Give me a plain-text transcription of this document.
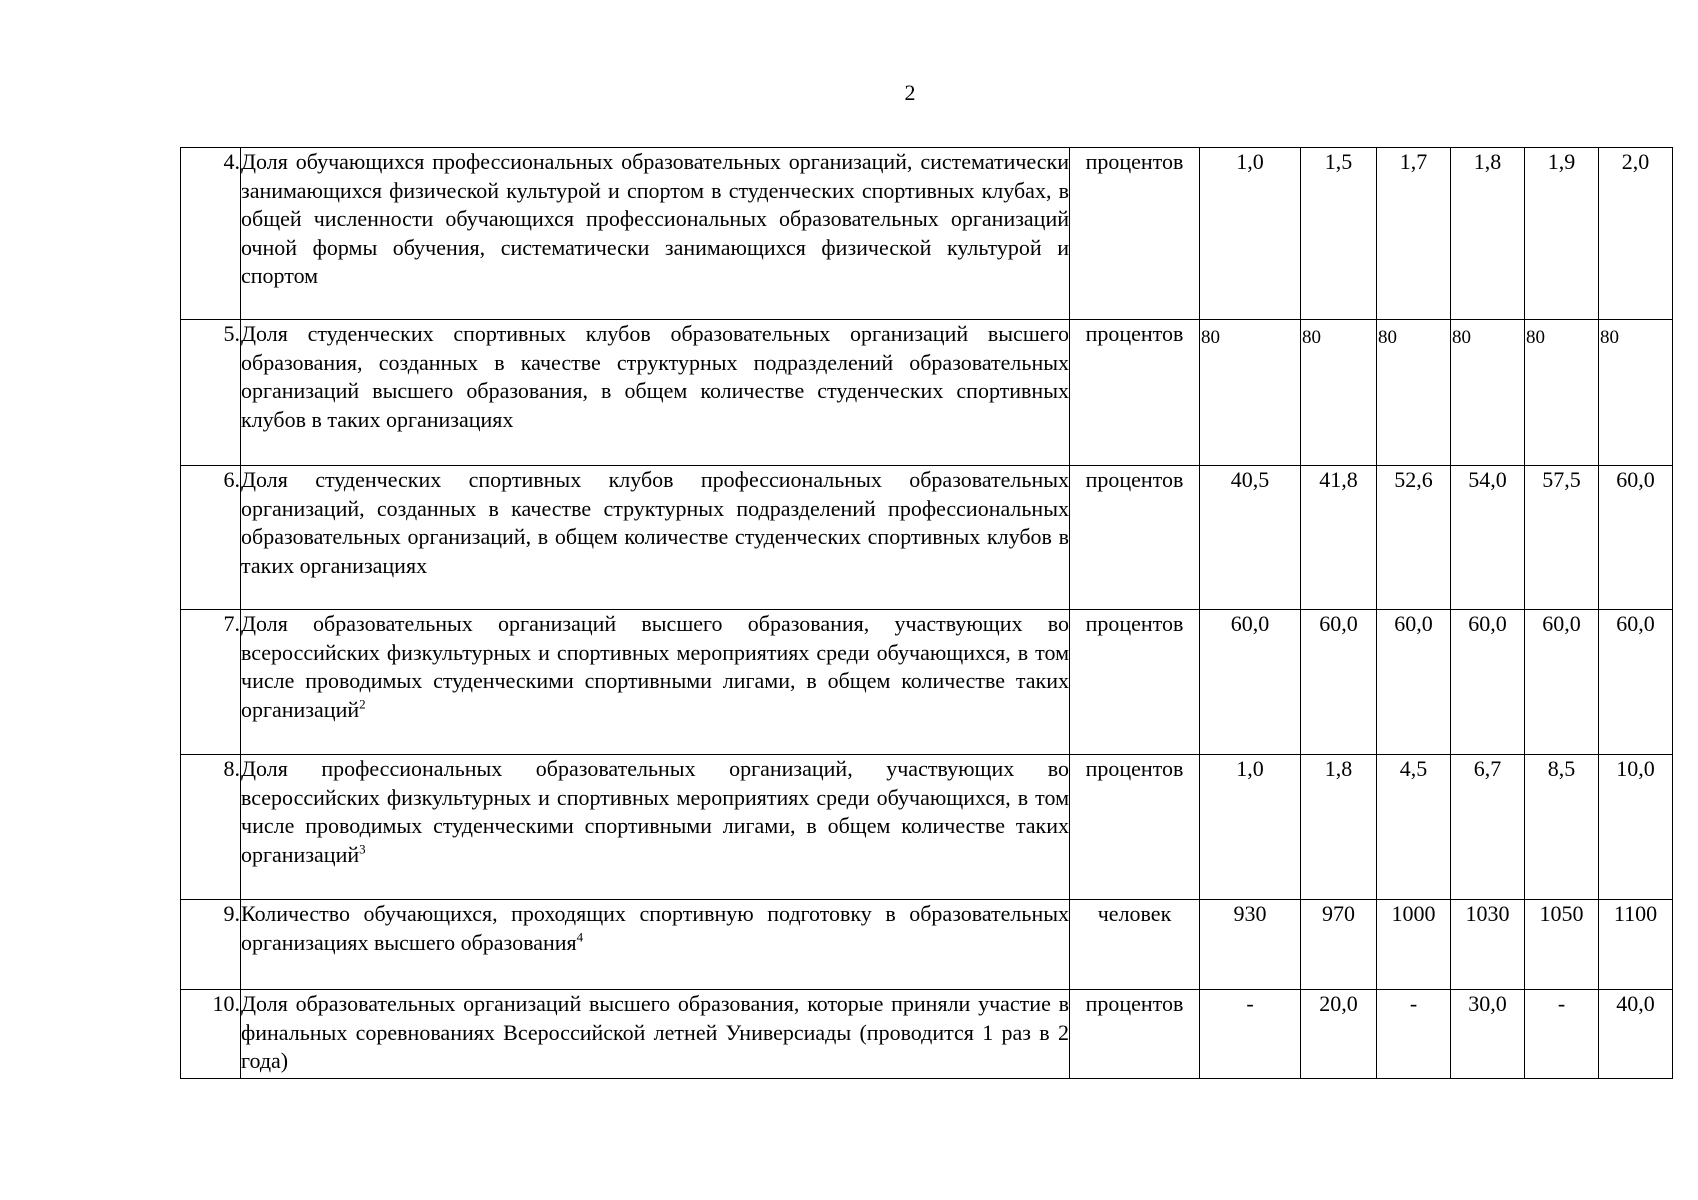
2
4.	Доля обучающихся профессиональных образовательных организаций, систематически занимающихся физической культурой и спортом в студенческих спортивных клубах, в общей численности обучающихся профессиональных образовательных организаций очной формы обучения, систематически занимающихся физической культурой и спортом	процентов	1,0	1,5	1,7	1,8	1,9	2,0
5.	Доля студенческих спортивных клубов образовательных организаций высшего образования, созданных в качестве структурных подразделений образовательных организаций высшего образования, в общем количестве студенческих спортивных клубов в таких организациях	процентов	80	80	80	80	80	80
6.	Доля студенческих спортивных клубов профессиональных образовательных организаций, созданных в качестве структурных подразделений профессиональных образовательных организаций, в общем количестве студенческих спортивных клубов в таких организациях	процентов	40,5	41,8	52,6	54,0	57,5	60,0
7.	Доля образовательных организаций высшего образования, участвующих во всероссийских физкультурных и спортивных мероприятиях среди обучающихся, в том числе проводимых студенческими спортивными лигами, в общем количестве таких организаций$^2$	процентов	60,0	60,0	60,0	60,0	60,0	60,0
8.	Доля профессиональных образовательных организаций, участвующих во всероссийских физкультурных и спортивных мероприятиях среди обучающихся, в том числе проводимых студенческими спортивными лигами, в общем количестве таких организаций$^3$	процентов	1,0	1,8	4,5	6,7	8,5	10,0
9.	Количество обучающихся, проходящих спортивную подготовку в образовательных организациях высшего образования$^4$	человек	930	970	1000	1030	1050	1100
10.	Доля образовательных организаций высшего образования, которые приняли участие в финальных соревнованиях Всероссийской летней Универсиады (проводится 1 раз в 2 года)	процентов	-	20,0	-	30,0	-	40,0
